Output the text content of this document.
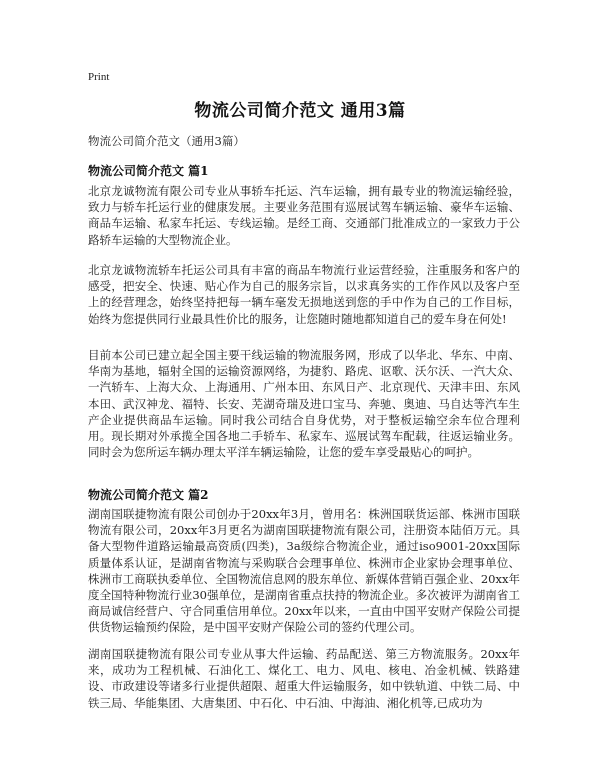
Print
物流公司简介范文 通用3篇
物流公司简介范文（通用3篇）
物流公司简介范文 篇1

北京龙诚物流有限公司专业从事轿车托运、汽车运输，拥有最专业的物流运输经验，致力与轿车托运行业的健康发展。主要业务范围有巡展试驾车辆运输、豪华车运输、商品车运输、私家车托运、专线运输。是经工商、交通部门批准成立的一家致力于公路轿车运输的大型物流企业。

北京龙诚物流轿车托运公司具有丰富的商品车物流行业运营经验，注重服务和客户的感受，把安全、快速、贴心作为自己的服务宗旨，以求真务实的工作作风以及客户至上的经营理念，始终坚持把每一辆车毫发无损地送到您的手中作为自己的工作目标，始终为您提供同行业最具性价比的服务，让您随时随地都知道自己的爱车身在何处!

目前本公司已建立起全国主要干线运输的物流服务网，形成了以华北、华东、中南、华南为基地，辐射全国的运输资源网络，为捷豹、路虎、讴歌、沃尔沃、一汽大众、一汽轿车、上海大众、上海通用、广州本田、东风日产、北京现代、天津丰田、东风本田、武汉神龙、福特、长安、芜湖奇瑞及进口宝马、奔驰、奥迪、马自达等汽车生产企业提供商品车运输。同时我公司结合自身优势，对于整板运输空余车位合理利用。现长期对外承揽全国各地二手轿车、私家车、巡展试驾车配载，往返运输业务。同时会为您所运车辆办理太平洋车辆运输险，让您的爱车享受最贴心的呵护。

物流公司简介范文 篇2

湖南国联捷物流有限公司创办于20xx年3月，曾用名：株洲国联货运部、株洲市国联物流有限公司，20xx年3月更名为湖南国联捷物流有限公司，注册资本陆佰万元。具备大型物件道路运输最高资质(四类)，3a级综合物流企业，通过iso9001-20xx国际质量体系认证，是湖南省物流与采购联合会理事单位、株洲市企业家协会理事单位、株洲市工商联执委单位、全国物流信息网的股东单位、新媒体营销百强企业、20xx年度全国特种物流行业30强单位，是湖南省重点扶持的物流企业。多次被评为湖南省工商局诚信经营户、守合同重信用单位。20xx年以来，一直由中国平安财产保险公司提供货物运输预约保险，是中国平安财产保险公司的签约代理公司。

湖南国联捷物流有限公司专业从事大件运输、药品配送、第三方物流服务。20xx年来，成功为工程机械、石油化工、煤化工、电力、风电、核电、冶金机械、铁路建设、市政建设等诸多行业提供超限、超重大件运输服务，如中铁轨道、中铁二局、中铁三局、华能集团、大唐集团、中石化、中石油、中海油、湘化机等,已成功为
